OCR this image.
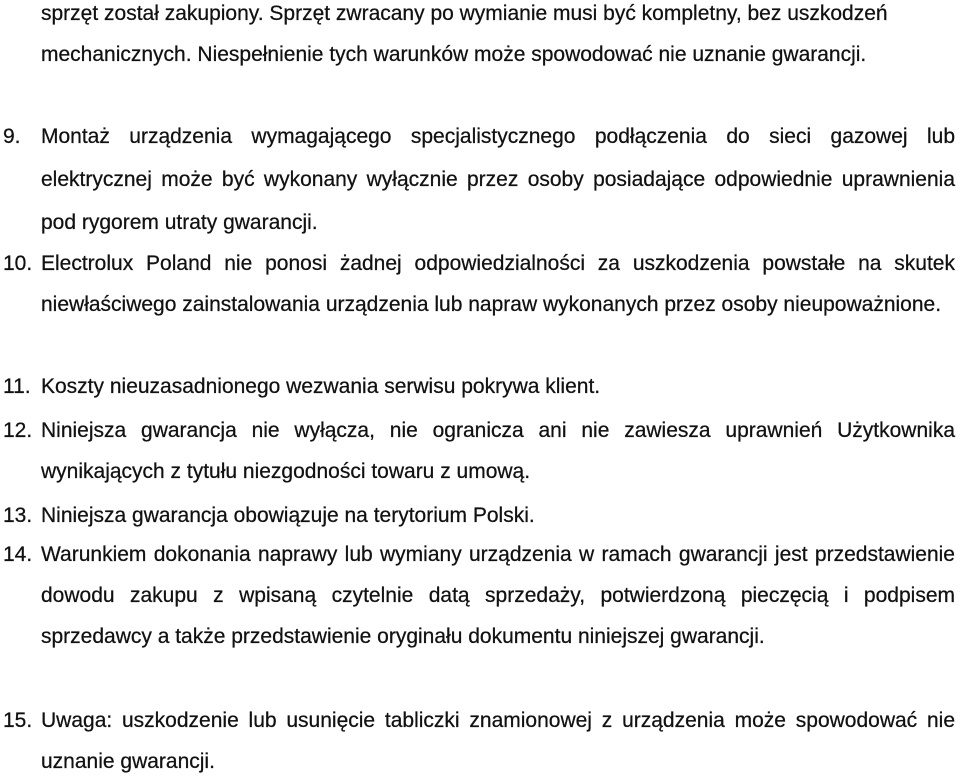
sprzęt został zakupiony. Sprzęt zwracany po wymianie musi być kompletny, bez uszkodzeń mechanicznych. Niespełnienie tych warunków może spowodować nie uznanie gwarancji.
9. Montaż urządzenia wymagającego specjalistycznego podłączenia do sieci gazowej lub elektrycznej może być wykonany wyłącznie przez osoby posiadające odpowiednie uprawnienia pod rygorem utraty gwarancji.
10. Electrolux Poland nie ponosi żadnej odpowiedzialności za uszkodzenia powstałe na skutek niewłaściwego zainstalowania urządzenia lub napraw wykonanych przez osoby nieupoważnione.
11. Koszty nieuzasadnionego wezwania serwisu pokrywa klient.
12. Niniejsza gwarancja nie wyłącza, nie ogranicza ani nie zawiesza uprawnień Użytkownika wynikających z tytułu niezgodności towaru z umową.
13. Niniejsza gwarancja obowiązuje na terytorium Polski.
14. Warunkiem dokonania naprawy lub wymiany urządzenia w ramach gwarancji jest przedstawienie dowodu zakupu z wpisaną czytelnie datą sprzedaży, potwierdzoną pieczęcią i podpisem sprzedawcy a także przedstawienie oryginału dokumentu niniejszej gwarancji.
15. Uwaga: uszkodzenie lub usunięcie tabliczki znamionowej z urządzenia może spowodować nie uznanie gwarancji.
